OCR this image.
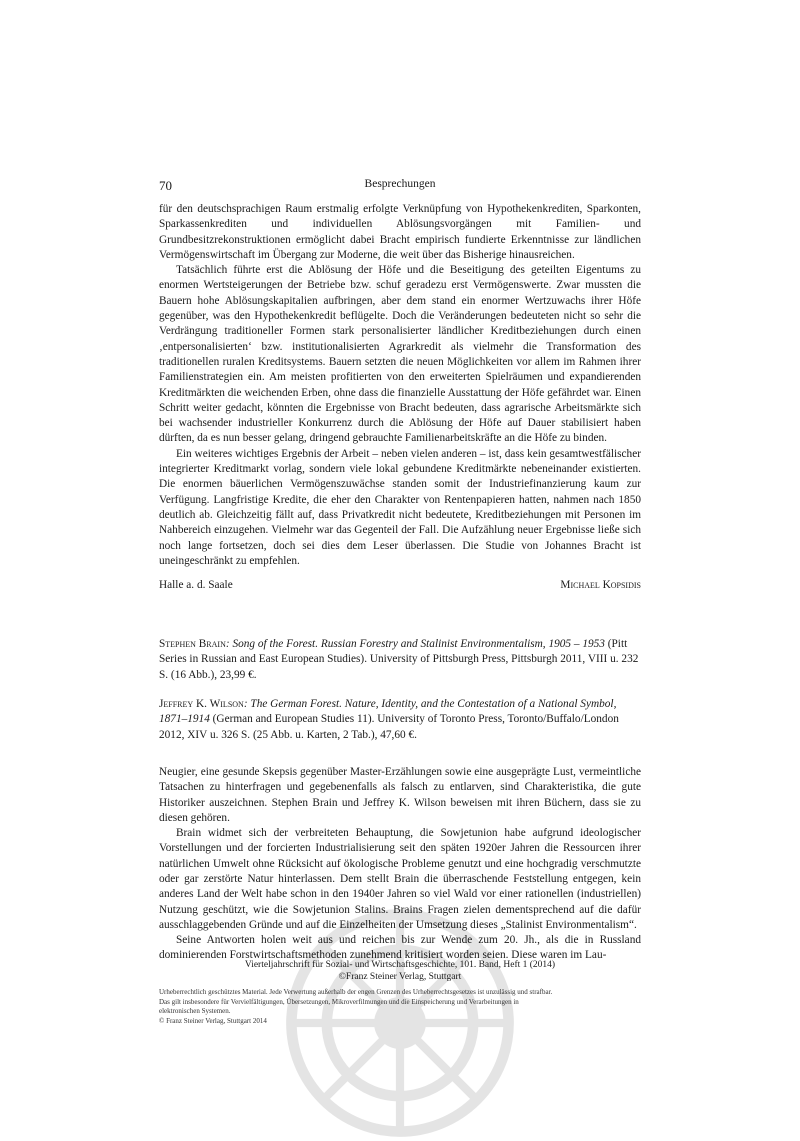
Besprechungen
70

für den deutschsprachigen Raum erstmalig erfolgte Verknüpfung von Hypothekenkrediten, Sparkonten, Sparkassenkrediten und individuellen Ablösungsvorgängen mit Familien- und Grundbesitzrekonstruktionen ermöglicht dabei Bracht empirisch fundierte Erkenntnisse zur ländlichen Vermögenswirtschaft im Übergang zur Moderne, die weit über das Bisherige hinausreichen.

Tatsächlich führte erst die Ablösung der Höfe und die Beseitigung des geteilten Eigentums zu enormen Wertsteigerungen der Betriebe bzw. schuf geradezu erst Vermögenswerte. Zwar mussten die Bauern hohe Ablösungskapitalien aufbringen, aber dem stand ein enormer Wertzuwachs ihrer Höfe gegenüber, was den Hypothekenkredit beflügelte. Doch die Veränderungen bedeuteten nicht so sehr die Verdrängung traditioneller Formen stark personalisierter ländlicher Kreditbeziehungen durch einen ‚entpersonalisierten‘ bzw. institutionalisierten Agrarkredit als vielmehr die Transformation des traditionellen ruralen Kreditsystems. Bauern setzten die neuen Möglichkeiten vor allem im Rahmen ihrer Familienstrategien ein. Am meisten profitierten von den erweiterten Spielräumen und expandierenden Kreditmärkten die weichenden Erben, ohne dass die finanzielle Ausstattung der Höfe gefährdet war. Einen Schritt weiter gedacht, könnten die Ergebnisse von Bracht bedeuten, dass agrarische Arbeitsmärkte sich bei wachsender industrieller Konkurrenz durch die Ablösung der Höfe auf Dauer stabilisiert haben dürften, da es nun besser gelang, dringend gebrauchte Familienarbeitskräfte an die Höfe zu binden.

Ein weiteres wichtiges Ergebnis der Arbeit – neben vielen anderen – ist, dass kein gesamtwestfälischer integrierter Kreditmarkt vorlag, sondern viele lokal gebundene Kreditmärkte nebeneinander existierten. Die enormen bäuerlichen Vermögenszuwächse standen somit der Industriefinanzierung kaum zur Verfügung. Langfristige Kredite, die eher den Charakter von Rentenpapieren hatten, nahmen nach 1850 deutlich ab. Gleichzeitig fällt auf, dass Privatkredit nicht bedeutete, Kreditbeziehungen mit Personen im Nahbereich einzugehen. Vielmehr war das Gegenteil der Fall. Die Aufzählung neuer Ergebnisse ließe sich noch lange fortsetzen, doch sei dies dem Leser überlassen. Die Studie von Johannes Bracht ist uneingeschränkt zu empfehlen.

Halle a. d. Saale	Michael Kopsidis

Stephen Brain: Song of the Forest. Russian Forestry and Stalinist Environmentalism, 1905 – 1953 (Pitt Series in Russian and East European Studies). University of Pittsburgh Press, Pittsburgh 2011, VIII u. 232 S. (16 Abb.), 23,99 €.

Jeffrey K. Wilson: The German Forest. Nature, Identity, and the Contestation of a National Symbol, 1871–1914 (German and European Studies 11). University of Toronto Press, Toronto/Buffalo/London 2012, XIV u. 326 S. (25 Abb. u. Karten, 2 Tab.), 47,60 €.

Neugier, eine gesunde Skepsis gegenüber Master-Erzählungen sowie eine ausgeprägte Lust, vermeintliche Tatsachen zu hinterfragen und gegebenenfalls als falsch zu entlarven, sind Charakteristika, die gute Historiker auszeichnen. Stephen Brain und Jeffrey K. Wilson beweisen mit ihren Büchern, dass sie zu diesen gehören.

Brain widmet sich der verbreiteten Behauptung, die Sowjetunion habe aufgrund ideologischer Vorstellungen und der forcierten Industrialisierung seit den späten 1920er Jahren die Ressourcen ihrer natürlichen Umwelt ohne Rücksicht auf ökologische Probleme genutzt und eine hochgradig verschmutzte oder gar zerstörte Natur hinterlassen. Dem stellt Brain die überraschende Feststellung entgegen, kein anderes Land der Welt habe schon in den 1940er Jahren so viel Wald vor einer rationellen (industriellen) Nutzung geschützt, wie die Sowjetunion Stalins. Brains Fragen zielen dementsprechend auf die dafür ausschlaggebenden Gründe und auf die Einzelheiten der Umsetzung dieses „Stalinist Environmentalism“.

Seine Antworten holen weit aus und reichen bis zur Wende zum 20. Jh., als die in Russland dominierenden Forstwirtschaftsmethoden zunehmend kritisiert worden seien. Diese waren im Lau-

Vierteljahrschrift für Sozial- und Wirtschaftsgeschichte, 101. Band, Heft 1 (2014)
©Franz Steiner Verlag, Stuttgart
Urheberrechtlich geschütztes Material. Jede Verwertung außerhalb der engen Grenzen des Urheberrechtsgesetzes ist unzulässig und strafbar.
Das gilt insbesondere für Vervielfältigungen, Übersetzungen, Mikroverfilmungen und die Einspeicherung und Verarbeitungen in
elektronischen Systemen.
© Franz Steiner Verlag, Stuttgart 2014
